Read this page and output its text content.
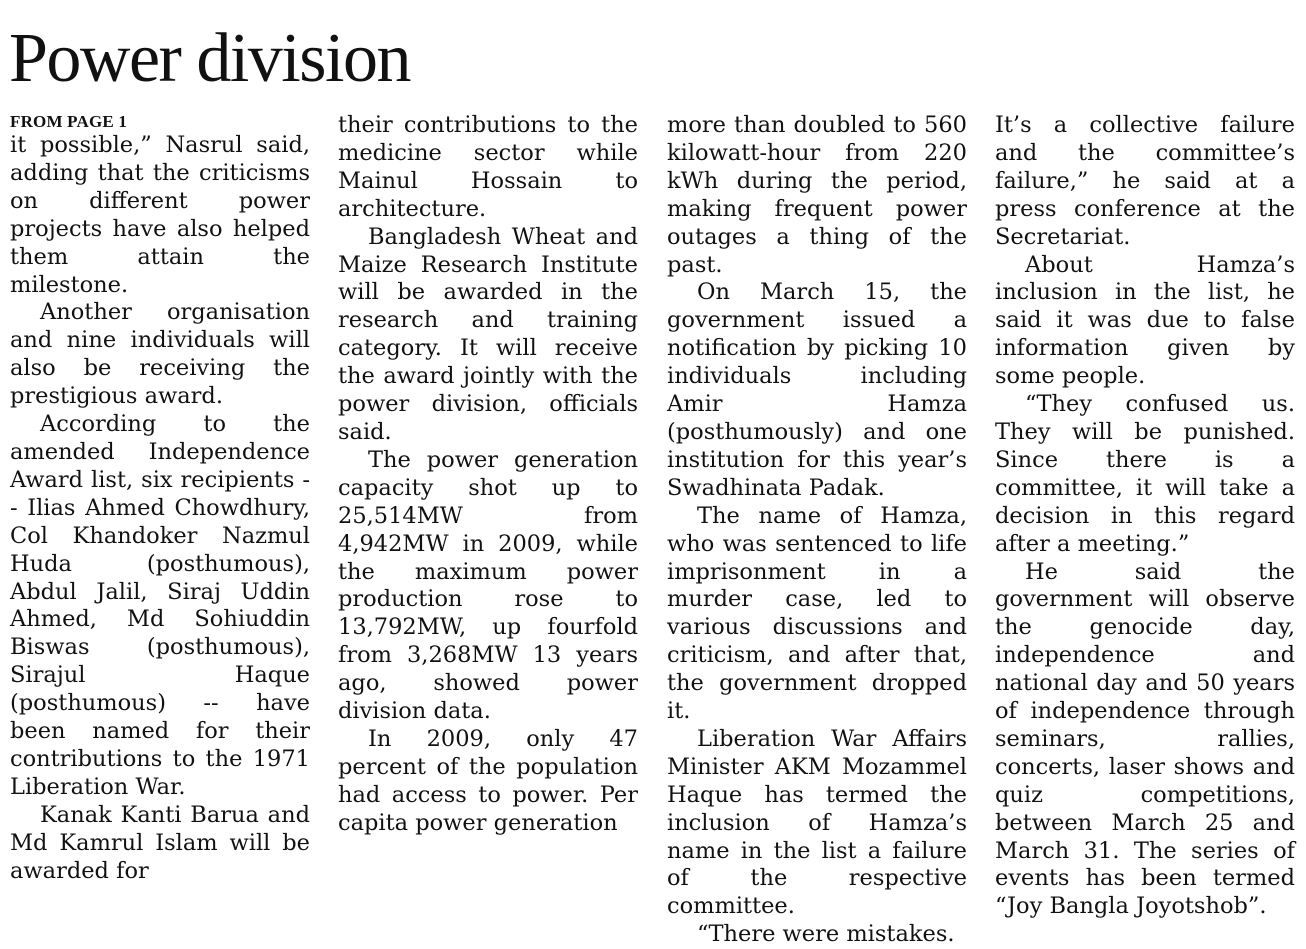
Power division
FROM PAGE 1

it possible,” Nasrul said, adding that the criticisms on different power projects have also helped them attain the milestone.

Another organisation and nine individuals will also be receiving the prestigious award.

According to the amended Independence Award list, six recipients -- Ilias Ahmed Chowdhury, Col Khandoker Nazmul Huda (posthumous), Abdul Jalil, Siraj Uddin Ahmed, Md Sohiuddin Biswas (posthumous), Sirajul Haque (posthumous) -- have been named for their contributions to the 1971 Liberation War.

Kanak Kanti Barua and Md Kamrul Islam will be awarded for

their contributions to the medicine sector while Mainul Hossain to architecture.

Bangladesh Wheat and Maize Research Institute will be awarded in the research and training category. It will receive the award jointly with the power division, officials said.

The power generation capacity shot up to 25,514MW from 4,942MW in 2009, while the maximum power production rose to 13,792MW, up fourfold from 3,268MW 13 years ago, showed power division data.

In 2009, only 47 percent of the population had access to power. Per capita power generation

more than doubled to 560 kilowatt-hour from 220 kWh during the period, making frequent power outages a thing of the past.

On March 15, the government issued a notification by picking 10 individuals including Amir Hamza (posthumously) and one institution for this year’s Swadhinata Padak.

The name of Hamza, who was sentenced to life imprisonment in a murder case, led to various discussions and criticism, and after that, the government dropped it.

Liberation War Affairs Minister AKM Mozammel Haque has termed the inclusion of Hamza’s name in the list a failure of the respective committee.

“There were mistakes.

It’s a collective failure and the committee’s failure,” he said at a press conference at the Secretariat.

About Hamza’s inclusion in the list, he said it was due to false information given by some people.

“They confused us. They will be punished. Since there is a committee, it will take a decision in this regard after a meeting.”

He said the government will observe the genocide day, independence and national day and 50 years of independence through seminars, rallies, concerts, laser shows and quiz competitions, between March 25 and March 31. The series of events has been termed “Joy Bangla Joyotshob”.
